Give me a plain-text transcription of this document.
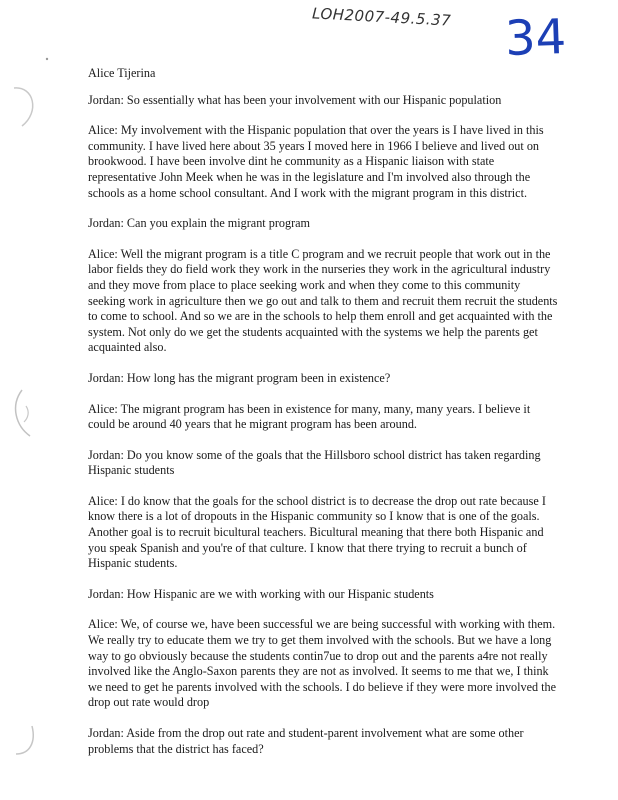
LOH2007-49.5.37 34
Alice Tijerina

Jordan: So essentially what has been your involvement with our Hispanic population

Alice: My involvement with the Hispanic population that over the years is I have lived in this community. I have lived here about 35 years I moved here in 1966 I believe and lived out on brookwood. I have been involve dint he community as a Hispanic liaison with state representative John Meek when he was in the legislature and I'm involved also through the schools as a home school consultant. And I work with the migrant program in this district.

Jordan: Can you explain the migrant program

Alice: Well the migrant program is a title C program and we recruit people that work out in the labor fields they do field work they work in the nurseries they work in the agricultural industry and they move from place to place seeking work and when they come to this community seeking work in agriculture then we go out and talk to them and recruit them recruit the students to come to school. And so we are in the schools to help them enroll and get acquainted with the system. Not only do we get the students acquainted with the systems we help the parents get acquainted also.

Jordan: How long has the migrant program been in existence?

Alice: The migrant program has been in existence for many, many, many years. I believe it could be around 40 years that he migrant program has been around.

Jordan: Do you know some of the goals that the Hillsboro school district has taken regarding Hispanic students

Alice: I do know that the goals for the school district is to decrease the drop out rate because I know there is a lot of dropouts in the Hispanic community so I know that is one of the goals. Another goal is to recruit bicultural teachers. Bicultural meaning that there both Hispanic and you speak Spanish and you're of that culture. I know that there trying to recruit a bunch of Hispanic students.

Jordan: How Hispanic are we with working with our Hispanic students

Alice: We, of course we, have been successful we are being successful with working with them. We really try to educate them we try to get them involved with the schools. But we have a long way to go obviously because the students contin7ue to drop out and the parents a4re not really involved like the Anglo-Saxon parents they are not as involved. It seems to me that we, I think we need to get he parents involved with the schools. I do believe if they were more involved the drop out rate would drop

Jordan: Aside from the drop out rate and student-parent involvement what are some other problems that the district has faced?
